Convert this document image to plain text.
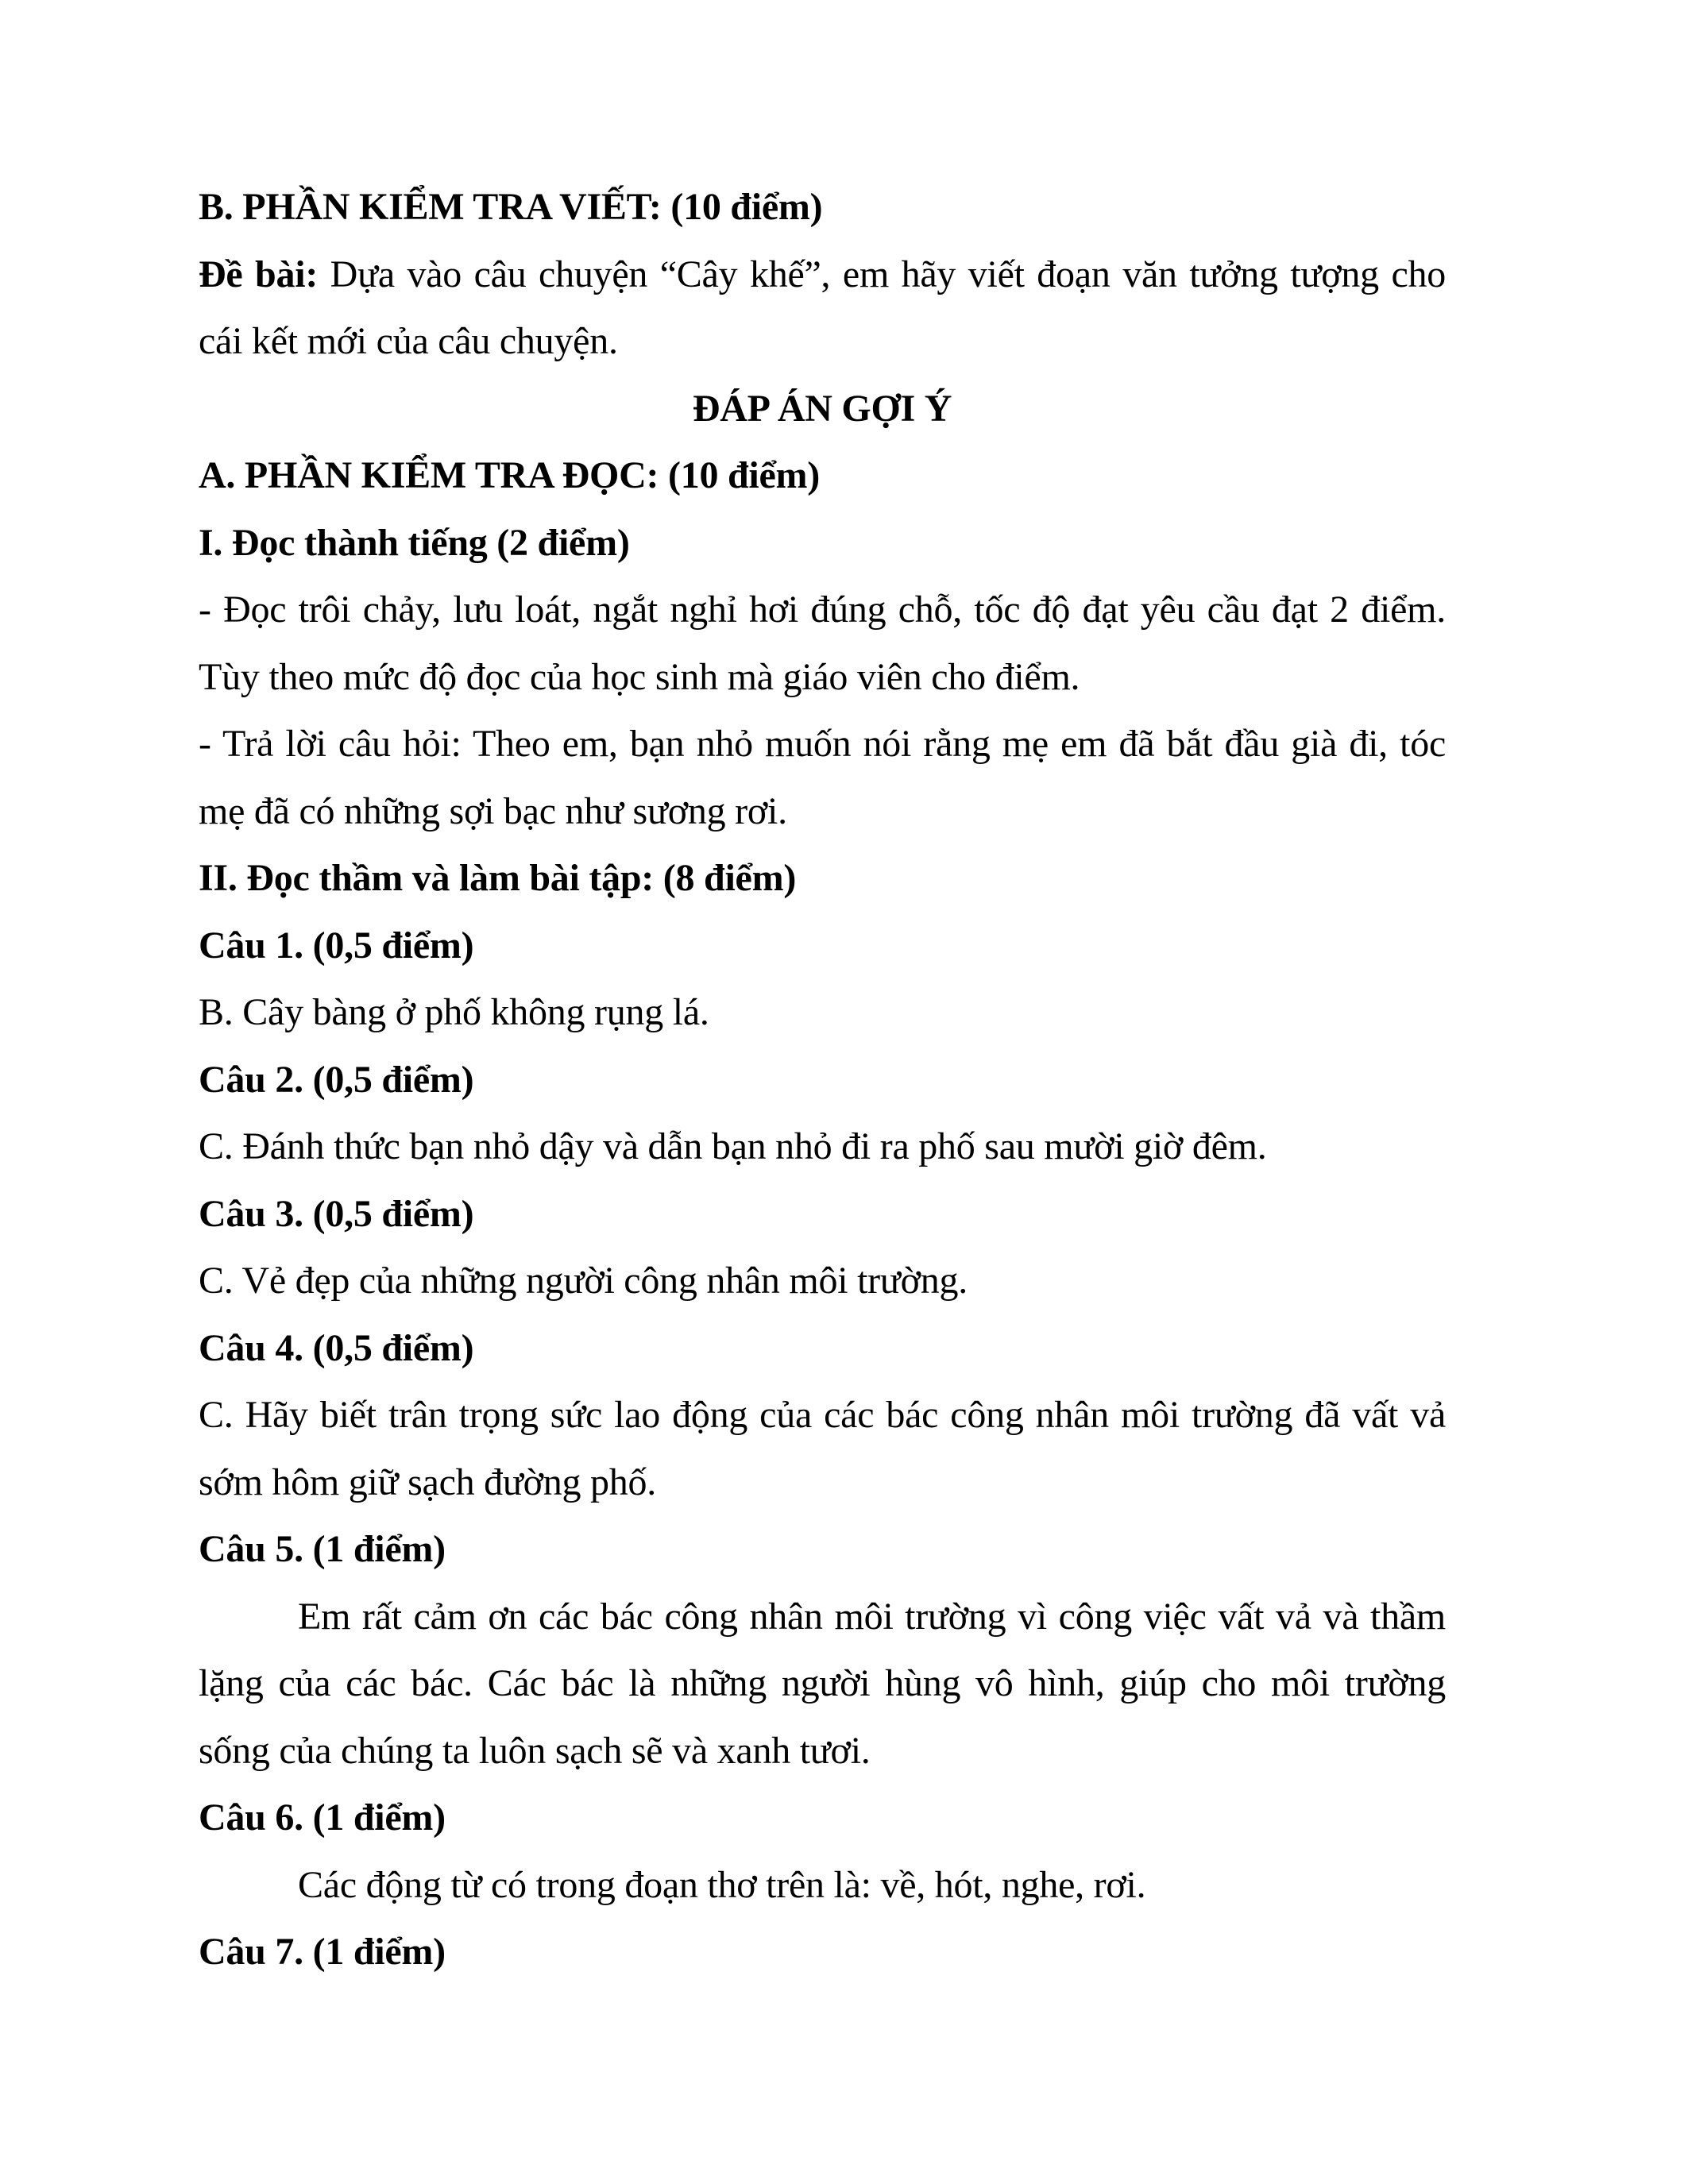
B. PHẦN KIỂM TRA VIẾT: (10 điểm)
Đề bài: Dựa vào câu chuyện “Cây khế”, em hãy viết đoạn văn tưởng tượng cho
cái kết mới của câu chuyện.
ĐÁP ÁN GỢI Ý
A. PHẦN KIỂM TRA ĐỌC: (10 điểm)
I. Đọc thành tiếng (2 điểm)
- Đọc trôi chảy, lưu loát, ngắt nghỉ hơi đúng chỗ, tốc độ đạt yêu cầu đạt 2 điểm.
Tùy theo mức độ đọc của học sinh mà giáo viên cho điểm.
- Trả lời câu hỏi: Theo em, bạn nhỏ muốn nói rằng mẹ em đã bắt đầu già đi, tóc
mẹ đã có những sợi bạc như sương rơi.
II. Đọc thầm và làm bài tập: (8 điểm)
Câu 1. (0,5 điểm)
B. Cây bàng ở phố không rụng lá.
Câu 2. (0,5 điểm)
C. Đánh thức bạn nhỏ dậy và dẫn bạn nhỏ đi ra phố sau mười giờ đêm.
Câu 3. (0,5 điểm)
C. Vẻ đẹp của những người công nhân môi trường.
Câu 4. (0,5 điểm)
C. Hãy biết trân trọng sức lao động của các bác công nhân môi trường đã vất vả
sớm hôm giữ sạch đường phố.
Câu 5. (1 điểm)
Em rất cảm ơn các bác công nhân môi trường vì công việc vất vả và thầm
lặng của các bác. Các bác là những người hùng vô hình, giúp cho môi trường
sống của chúng ta luôn sạch sẽ và xanh tươi.
Câu 6. (1 điểm)
Các động từ có trong đoạn thơ trên là: về, hót, nghe, rơi.
Câu 7. (1 điểm)
